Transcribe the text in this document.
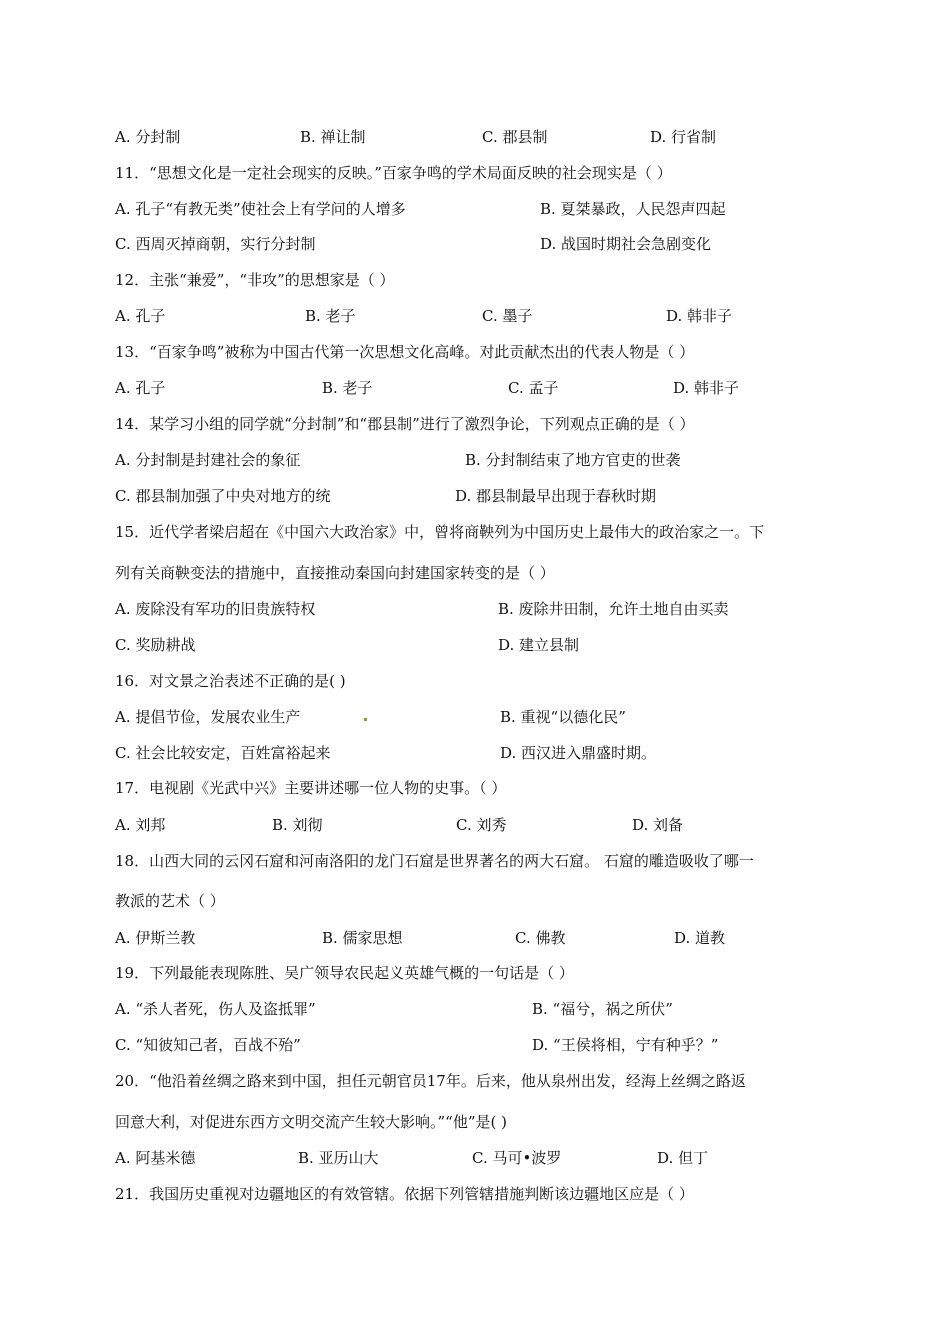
A. 分封制	B. 禅让制	C. 郡县制	D. 行省制
11．“思想文化是一定社会现实的反映。”百家争鸣的学术局面反映的社会现实是（ ）
A. 孔子“有教无类”使社会上有学问的人增多	B. 夏桀暴政，人民怨声四起
C. 西周灭掉商朝，实行分封制	D. 战国时期社会急剧变化
12．主张“兼爱”，“非攻”的思想家是（ ）
A. 孔子	B. 老子	C. 墨子	D. 韩非子
13．“百家争鸣”被称为中国古代第一次思想文化高峰。对此贡献杰出的代表人物是（ ）
A. 孔子	B. 老子	C. 孟子	D. 韩非子
14．某学习小组的同学就“分封制”和“郡县制”进行了激烈争论，下列观点正确的是（ ）
A. 分封制是封建社会的象征	B. 分封制结束了地方官吏的世袭
C. 郡县制加强了中央对地方的统	D. 郡县制最早出现于春秋时期
15．近代学者梁启超在《中国六大政治家》中，曾将商鞅列为中国历史上最伟大的政治家之一。下
列有关商鞅变法的措施中，直接推动秦国向封建国家转变的是（ ）
A. 废除没有军功的旧贵族特权	B. 废除井田制，允许土地自由买卖
C. 奖励耕战	D. 建立县制
16．对文景之治表述不正确的是( )
A. 提倡节俭，发展农业生产	B. 重视“以德化民”
C. 社会比较安定，百姓富裕起来	D. 西汉进入鼎盛时期。
17．电视剧《光武中兴》主要讲述哪一位人物的史事。（ ）
A. 刘邦	B. 刘彻	C. 刘秀	D. 刘备
18．山西大同的云冈石窟和河南洛阳的龙门石窟是世界著名的两大石窟。 石窟的雕造吸收了哪一
教派的艺术（ ）
A. 伊斯兰教	B. 儒家思想	C. 佛教	D. 道教
19．下列最能表现陈胜、吴广领导农民起义英雄气概的一句话是（ ）
A. “杀人者死，伤人及盗抵罪”	B. “福兮，祸之所伏”
C. “知彼知己者，百战不殆”	D. “王侯将相，宁有种乎？”
20．“他沿着丝绸之路来到中国，担任元朝官员17年。后来，他从泉州出发，经海上丝绸之路返
回意大利，对促进东西方文明交流产生较大影响。”“他”是( )
A. 阿基米德	B. 亚历山大	C. 马可•波罗	D. 但丁
21．我国历史重视对边疆地区的有效管辖。依据下列管辖措施判断该边疆地区应是（ ）
